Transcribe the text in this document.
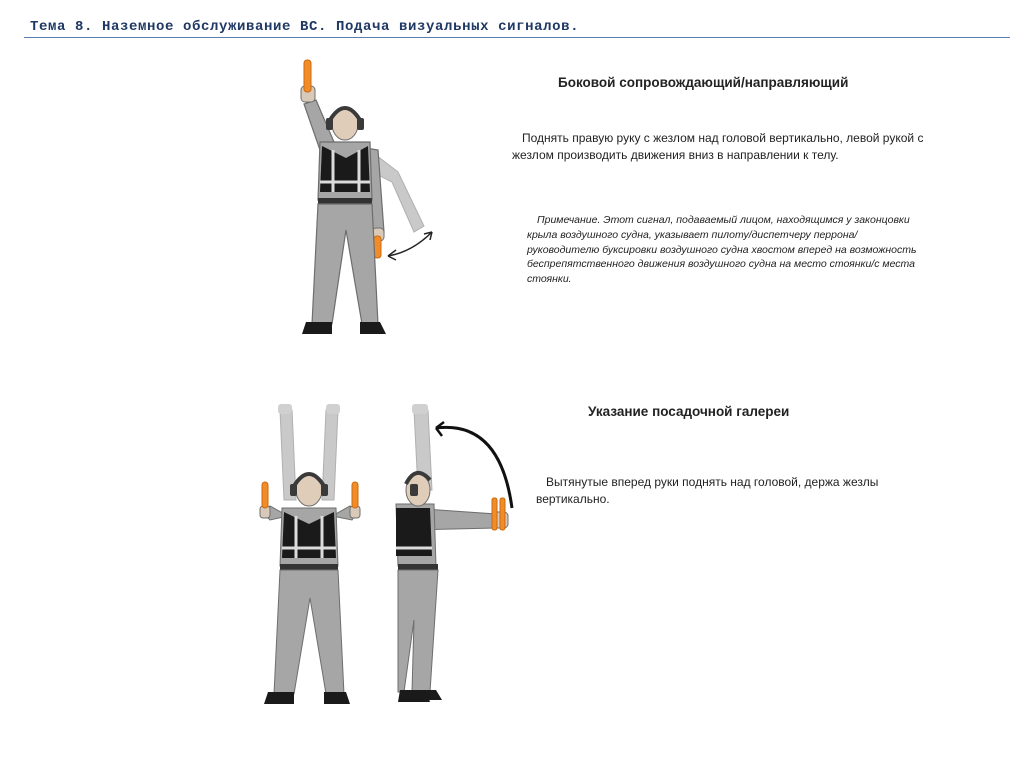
Тема 8. Наземное обслуживание ВС. Подача визуальных сигналов.
Боковой сопровождающий/направляющий
Поднять правую руку с жезлом над головой вертикально, левой рукой с жезлом производить движения вниз в направлении к телу.
Примечание. Этот сигнал, подаваемый лицом, находящимся у законцовки крыла воздушного судна, указывает пилоту/диспетчеру перрона/руководителю буксировки воздушного судна хвостом вперед на возможность беспрепятственного движения воздушного судна на место стоянки/с места стоянки.
Указание посадочной галереи
Вытянутые вперед руки поднять над головой, держа жезлы вертикально.
